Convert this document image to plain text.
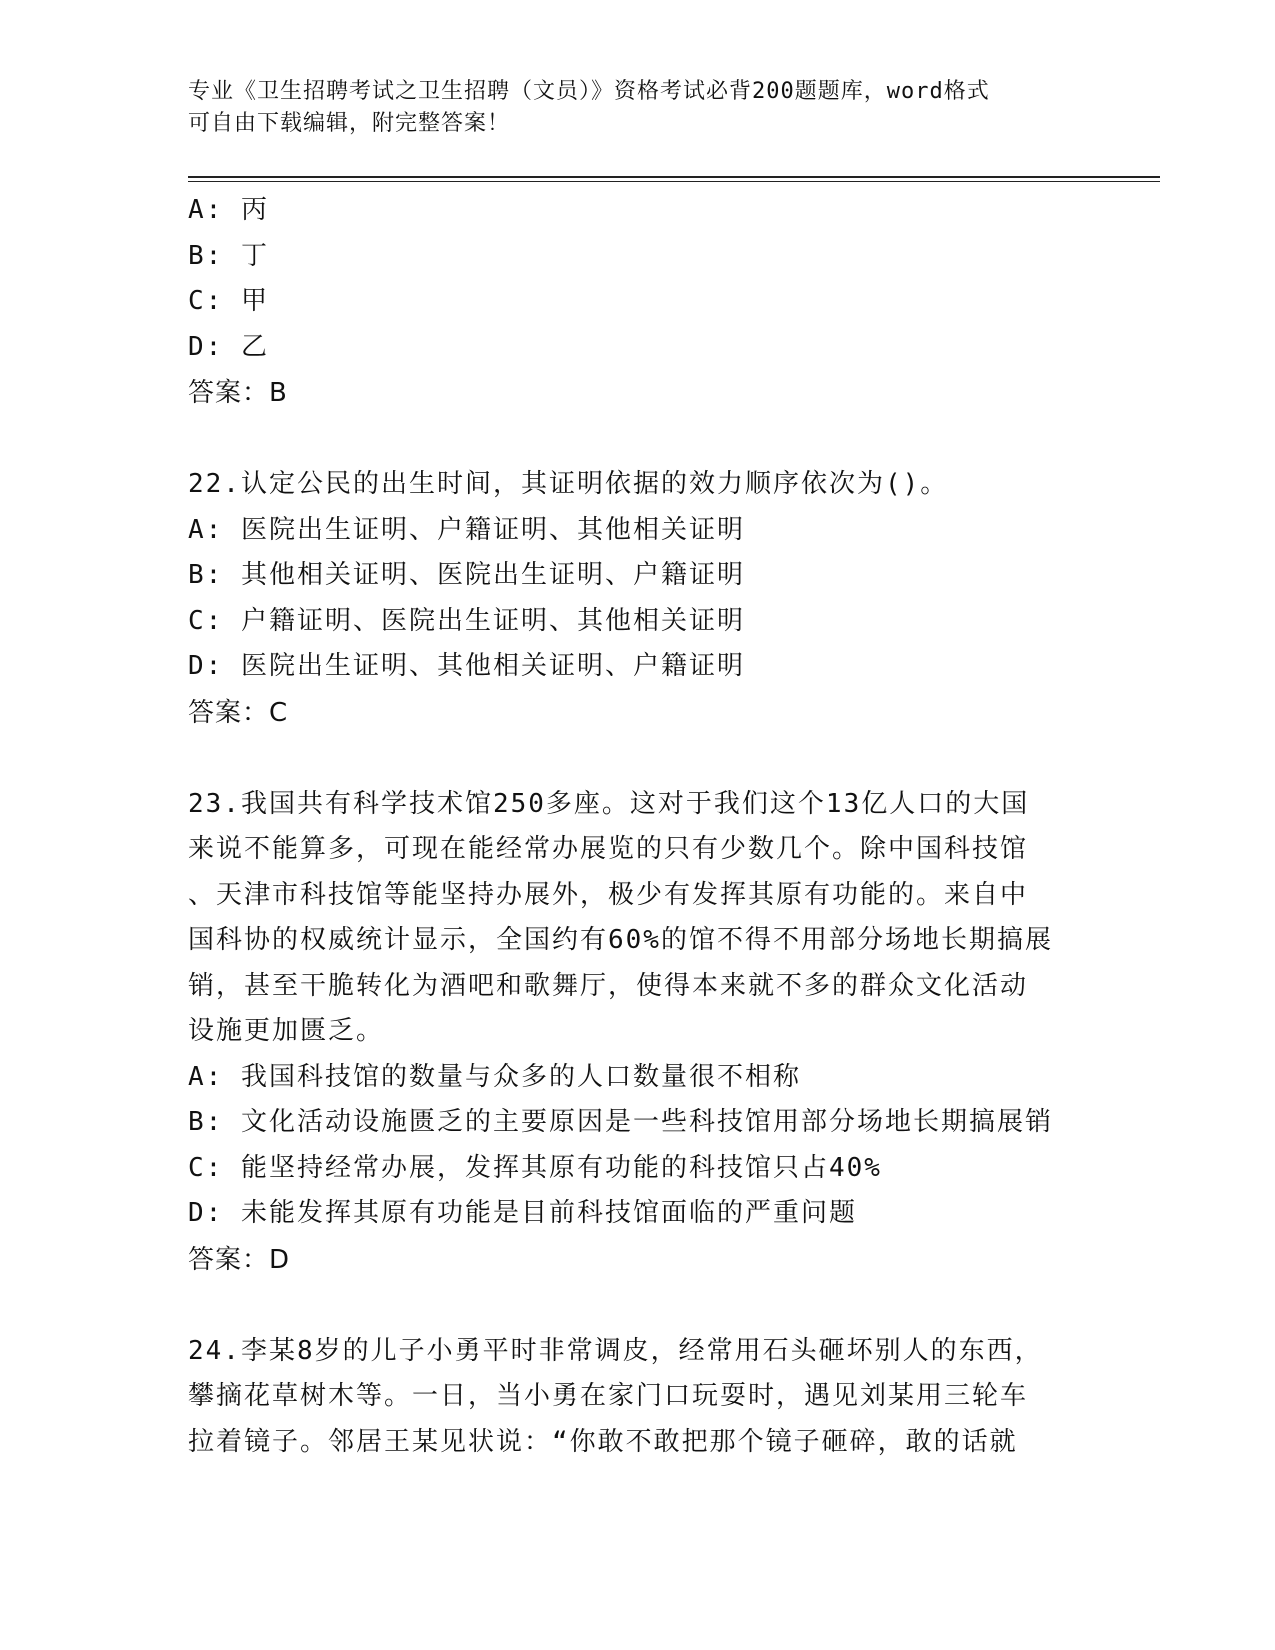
专业《卫生招聘考试之卫生招聘（文员）》资格考试必背200题题库，word格式
可自由下载编辑，附完整答案！
A: 丙
B: 丁
C: 甲
D: 乙
答案：B
22.认定公民的出生时间，其证明依据的效力顺序依次为()。
A: 医院出生证明、户籍证明、其他相关证明
B: 其他相关证明、医院出生证明、户籍证明
C: 户籍证明、医院出生证明、其他相关证明
D: 医院出生证明、其他相关证明、户籍证明
答案：C
23.我国共有科学技术馆250多座。这对于我们这个13亿人口的大国
来说不能算多，可现在能经常办展览的只有少数几个。除中国科技馆
、天津市科技馆等能坚持办展外，极少有发挥其原有功能的。来自中
国科协的权威统计显示，全国约有60%的馆不得不用部分场地长期搞展
销，甚至干脆转化为酒吧和歌舞厅，使得本来就不多的群众文化活动
设施更加匮乏。
A: 我国科技馆的数量与众多的人口数量很不相称
B: 文化活动设施匮乏的主要原因是一些科技馆用部分场地长期搞展销
C: 能坚持经常办展，发挥其原有功能的科技馆只占40%
D: 未能发挥其原有功能是目前科技馆面临的严重问题
答案：D
24.李某8岁的儿子小勇平时非常调皮，经常用石头砸坏别人的东西，
攀摘花草树木等。一日，当小勇在家门口玩耍时，遇见刘某用三轮车
拉着镜子。邻居王某见状说：“你敢不敢把那个镜子砸碎，敢的话就
